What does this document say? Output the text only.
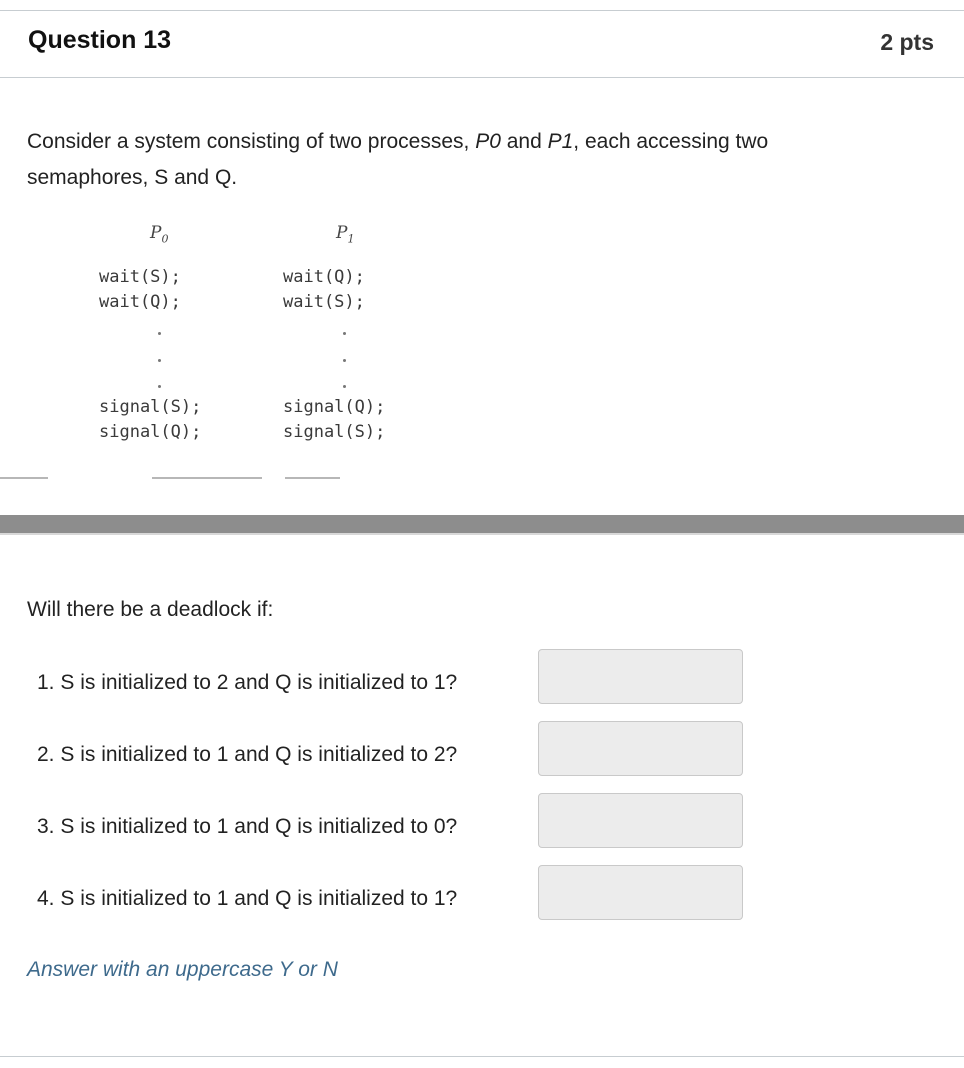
Question 13	2 pts
Consider a system consisting of two processes, P0 and P1, each accessing two
semaphores, S and Q.
$P_0$	$P_1$
wait(S);
wait(Q);
wait(Q);
wait(S);
signal(S);
signal(Q);
signal(Q);
signal(S);
Will there be a deadlock if:
1. S is initialized to 2 and Q is initialized to 1?
2. S is initialized to 1 and Q is initialized to 2?
3. S is initialized to 1 and Q is initialized to 0?
4. S is initialized to 1 and Q is initialized to 1?
Answer with an uppercase Y or N
